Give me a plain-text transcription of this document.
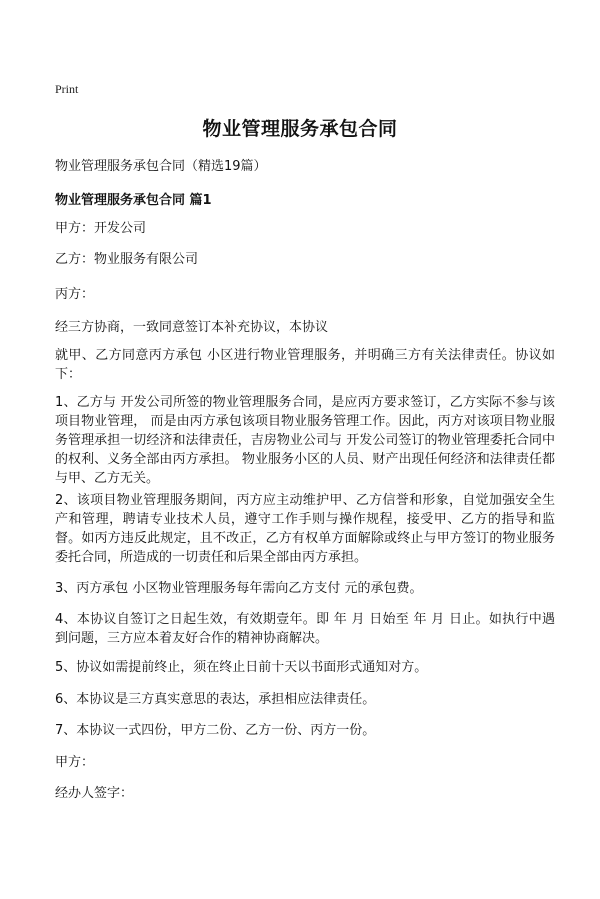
Print
物业管理服务承包合同
物业管理服务承包合同（精选19篇）
物业管理服务承包合同 篇1
甲方：开发公司
乙方：物业服务有限公司
丙方：
经三方协商，一致同意签订本补充协议，本协议
就甲、乙方同意丙方承包 小区进行物业管理服务，并明确三方有关法律责任。协议如下：
1、乙方与 开发公司所签的物业管理服务合同，是应丙方要求签订，乙方实际不参与该项目物业管理， 而是由丙方承包该项目物业服务管理工作。因此，丙方对该项目物业服务管理承担一切经济和法律责任，吉房物业公司与 开发公司签订的物业管理委托合同中的权利、义务全部由丙方承担。 物业服务小区的人员、财产出现任何经济和法律责任都与甲、乙方无关。
2、该项目物业管理服务期间，丙方应主动维护甲、乙方信誉和形象，自觉加强安全生产和管理，聘请专业技术人员，遵守工作手则与操作规程，接受甲、乙方的指导和监督。如丙方违反此规定，且不改正，乙方有权单方面解除或终止与甲方签订的物业服务委托合同，所造成的一切责任和后果全部由丙方承担。
3、丙方承包 小区物业管理服务每年需向乙方支付 元的承包费。
4、本协议自签订之日起生效，有效期壹年。即 年 月 日始至 年 月 日止。如执行中遇到问题，三方应本着友好合作的精神协商解决。
5、协议如需提前终止，须在终止日前十天以书面形式通知对方。
6、本协议是三方真实意思的表达，承担相应法律责任。
7、本协议一式四份，甲方二份、乙方一份、丙方一份。
甲方：
经办人签字：
